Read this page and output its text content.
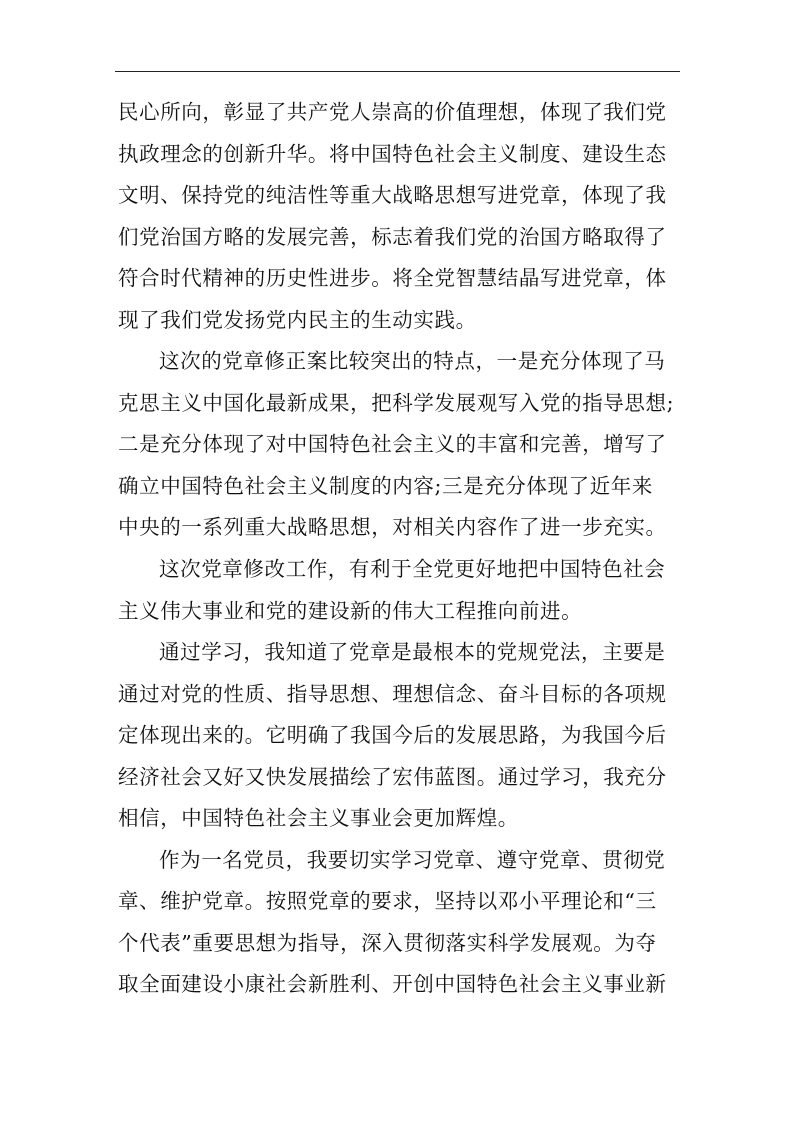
民心所向，彰显了共产党人崇高的价值理想，体现了我们党
执政理念的创新升华。将中国特色社会主义制度、建设生态
文明、保持党的纯洁性等重大战略思想写进党章，体现了我
们党治国方略的发展完善，标志着我们党的治国方略取得了
符合时代精神的历史性进步。将全党智慧结晶写进党章，体
现了我们党发扬党内民主的生动实践。
这次的党章修正案比较突出的特点，一是充分体现了马
克思主义中国化最新成果，把科学发展观写入党的指导思想;
二是充分体现了对中国特色社会主义的丰富和完善，增写了
确立中国特色社会主义制度的内容;三是充分体现了近年来
中央的一系列重大战略思想，对相关内容作了进一步充实。
这次党章修改工作，有利于全党更好地把中国特色社会
主义伟大事业和党的建设新的伟大工程推向前进。
通过学习，我知道了党章是最根本的党规党法，主要是
通过对党的性质、指导思想、理想信念、奋斗目标的各项规
定体现出来的。它明确了我国今后的发展思路，为我国今后
经济社会又好又快发展描绘了宏伟蓝图。通过学习，我充分
相信，中国特色社会主义事业会更加辉煌。
作为一名党员，我要切实学习党章、遵守党章、贯彻党
章、维护党章。按照党章的要求，坚持以邓小平理论和“三
个代表”重要思想为指导，深入贯彻落实科学发展观。为夺
取全面建设小康社会新胜利、开创中国特色社会主义事业新
